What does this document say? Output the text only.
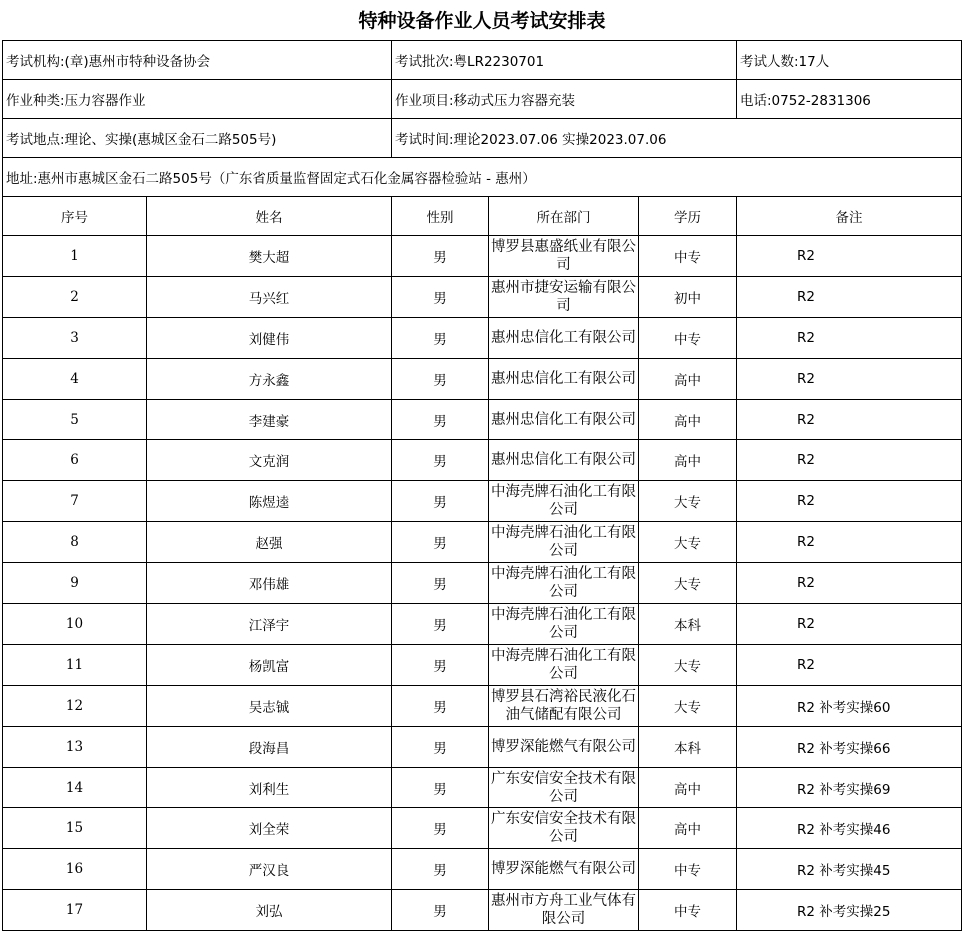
特种设备作业人员考试安排表
考试机构:(章)惠州市特种设备协会		考试批次:粤LR2230701			考试人数:17人
作业种类:压力容器作业		作业项目:移动式压力容器充装			电话:0752-2831306
考试地点:理论、实操(惠城区金石二路505号)		考试时间:理论2023.07.06 实操2023.07.06			
地址:惠州市惠城区金石二路505号（广东省质量监督固定式石化金属容器检验站 - 惠州）					
序号	姓名	性别	所在部门	学历	备注
1	樊大超	男	博罗县惠盛纸业有限公司	中专	R2
2	马兴红	男	惠州市捷安运输有限公司	初中	R2
3	刘健伟	男	惠州忠信化工有限公司	中专	R2
4	方永鑫	男	惠州忠信化工有限公司	高中	R2
5	李建豪	男	惠州忠信化工有限公司	高中	R2
6	文克润	男	惠州忠信化工有限公司	高中	R2
7	陈煜逵	男	中海壳牌石油化工有限公司	大专	R2
8	赵强	男	中海壳牌石油化工有限公司	大专	R2
9	邓伟雄	男	中海壳牌石油化工有限公司	大专	R2
10	江泽宇	男	中海壳牌石油化工有限公司	本科	R2
11	杨凯富	男	中海壳牌石油化工有限公司	大专	R2
12	吴志铖	男	博罗县石湾裕民液化石油气储配有限公司	大专	R2 补考实操60
13	段海昌	男	博罗深能燃气有限公司	本科	R2 补考实操66
14	刘利生	男	广东安信安全技术有限公司	高中	R2 补考实操69
15	刘全荣	男	广东安信安全技术有限公司	高中	R2 补考实操46
16	严汉良	男	博罗深能燃气有限公司	中专	R2 补考实操45
17	刘弘	男	惠州市方舟工业气体有限公司	中专	R2 补考实操25
